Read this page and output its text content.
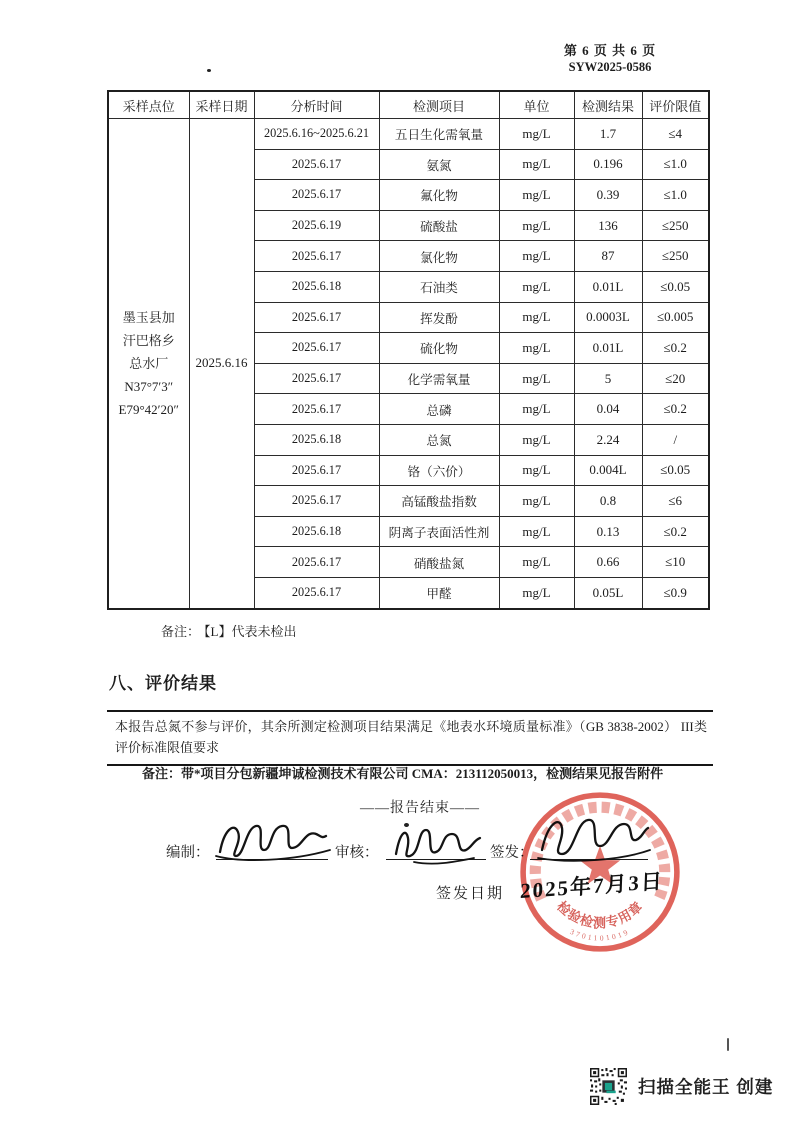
第 6 页 共 6 页
SYW2025-0586
采样点位	采样日期	分析时间	检测项目	单位	检测结果	评价限值

墨玉县加
汗巴格乡
总水厂
N37°7′3″
E79°42′20″	2025.6.16	2025.6.16~2025.6.21	五日生化需氧量	mg/L	1.7	≤4
		2025.6.17	氨氮	mg/L	0.196	≤1.0
		2025.6.17	氟化物	mg/L	0.39	≤1.0
		2025.6.19	硫酸盐	mg/L	136	≤250
		2025.6.17	氯化物	mg/L	87	≤250
		2025.6.18	石油类	mg/L	0.01L	≤0.05
		2025.6.17	挥发酚	mg/L	0.0003L	≤0.005
		2025.6.17	硫化物	mg/L	0.01L	≤0.2
		2025.6.17	化学需氧量	mg/L	5	≤20
		2025.6.17	总磷	mg/L	0.04	≤0.2
		2025.6.18	总氮	mg/L	2.24	/
		2025.6.17	铬（六价）	mg/L	0.004L	≤0.05
		2025.6.17	高锰酸盐指数	mg/L	0.8	≤6
		2025.6.18	阴离子表面活性剂	mg/L	0.13	≤0.2
		2025.6.17	硝酸盐氮	mg/L	0.66	≤10
		2025.6.17	甲醛	mg/L	0.05L	≤0.9
备注： 【L】代表未检出
八、评价结果

本报告总氮不参与评价，其余所测定检测项目结果满足《地表水环境质量标准》（GB 3838-2002） III类评价标准限值要求

备注：带*项目分包新疆坤诚检测技术有限公司 CMA：213112050013，检测结果见报告附件
——报告结束——
编制：	审核：	签发：
签发日期 2025年7月3日
检验检测专用章
3701101019
扫描全能王 创建
